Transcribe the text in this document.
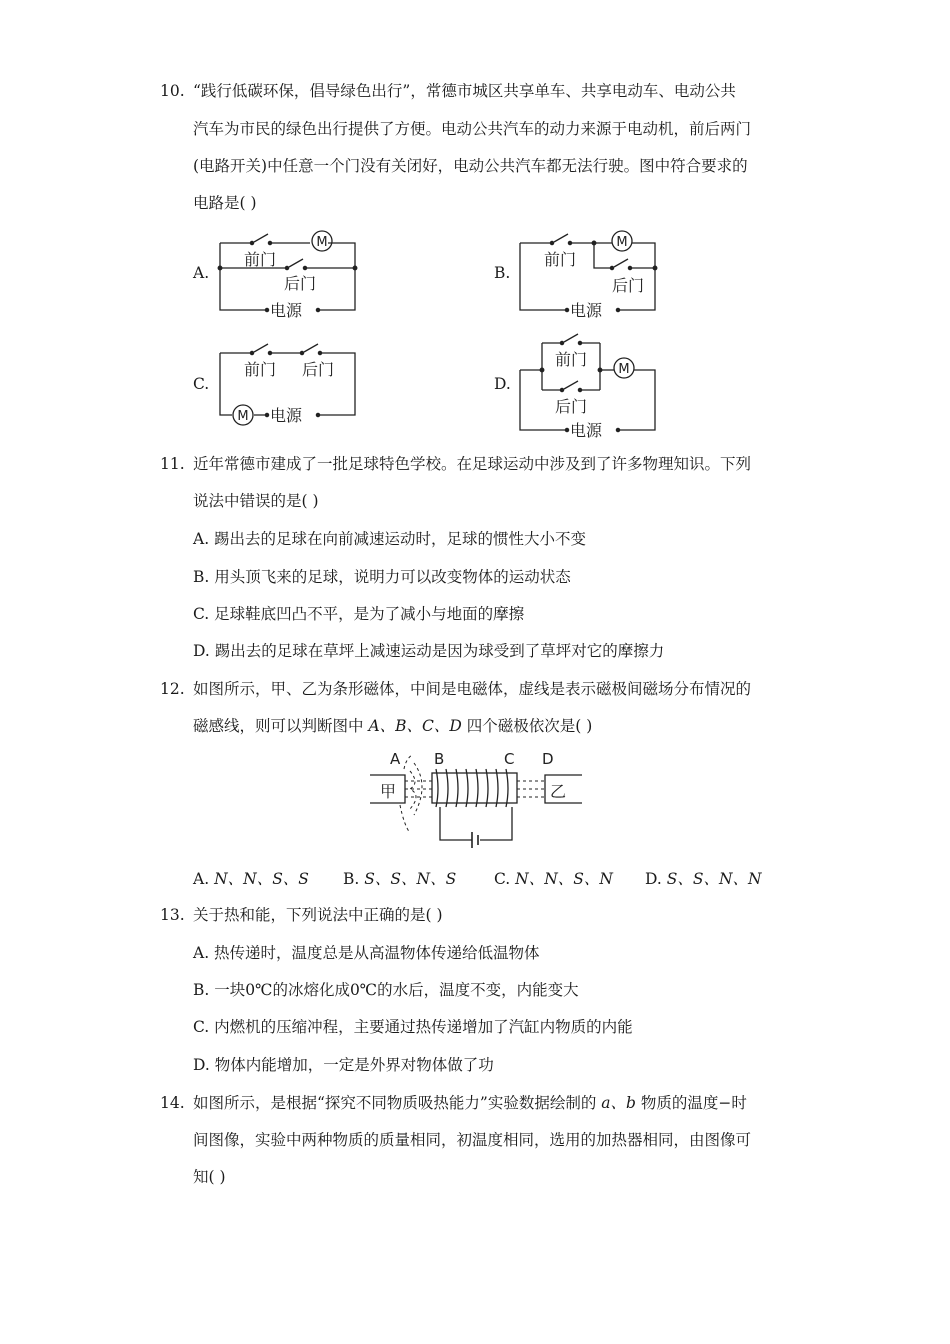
10. “践行低碳环保，倡导绿色出行”，常德市城区共享单车、共享电动车、电动公共
汽车为市民的绿色出行提供了方便。电动公共汽车的动力来源于电动机，前后两门
(电路开关)中任意一个门没有关闭好，电动公共汽车都无法行驶。图中符合要求的
电路是( )
A.	B.
C.	D.
M
前门
后门
电源
M
前门
后门
电源
M
前门 后门
电源
M
前门
后门
电源
11. 近年常德市建成了一批足球特色学校。在足球运动中涉及到了许多物理知识。下列
说法中错误的是( )
A. 踢出去的足球在向前减速运动时，足球的惯性大小不变
B. 用头顶飞来的足球，说明力可以改变物体的运动状态
C. 足球鞋底凹凸不平，是为了减小与地面的摩擦
D. 踢出去的足球在草坪上减速运动是因为球受到了草坪对它的摩擦力
12. 如图所示，甲、乙为条形磁体，中间是电磁体，虚线是表示磁极间磁场分布情况的
磁感线，则可以判断图中 A、B、C、D 四个磁极依次是( )
A B	C D
甲	乙
A. N、N、S、S B. S、S、N、S C. N、N、S、N D. S、S、N、N
13. 关于热和能，下列说法中正确的是( )
A. 热传递时，温度总是从高温物体传递给低温物体
B. 一块0℃的冰熔化成0℃的水后，温度不变，内能变大
C. 内燃机的压缩冲程，主要通过热传递增加了汽缸内物质的内能
D. 物体内能增加，一定是外界对物体做了功
14. 如图所示，是根据“探究不同物质吸热能力”实验数据绘制的 a、b 物质的温度−时
间图像，实验中两种物质的质量相同，初温度相同，选用的加热器相同，由图像可
知( )
